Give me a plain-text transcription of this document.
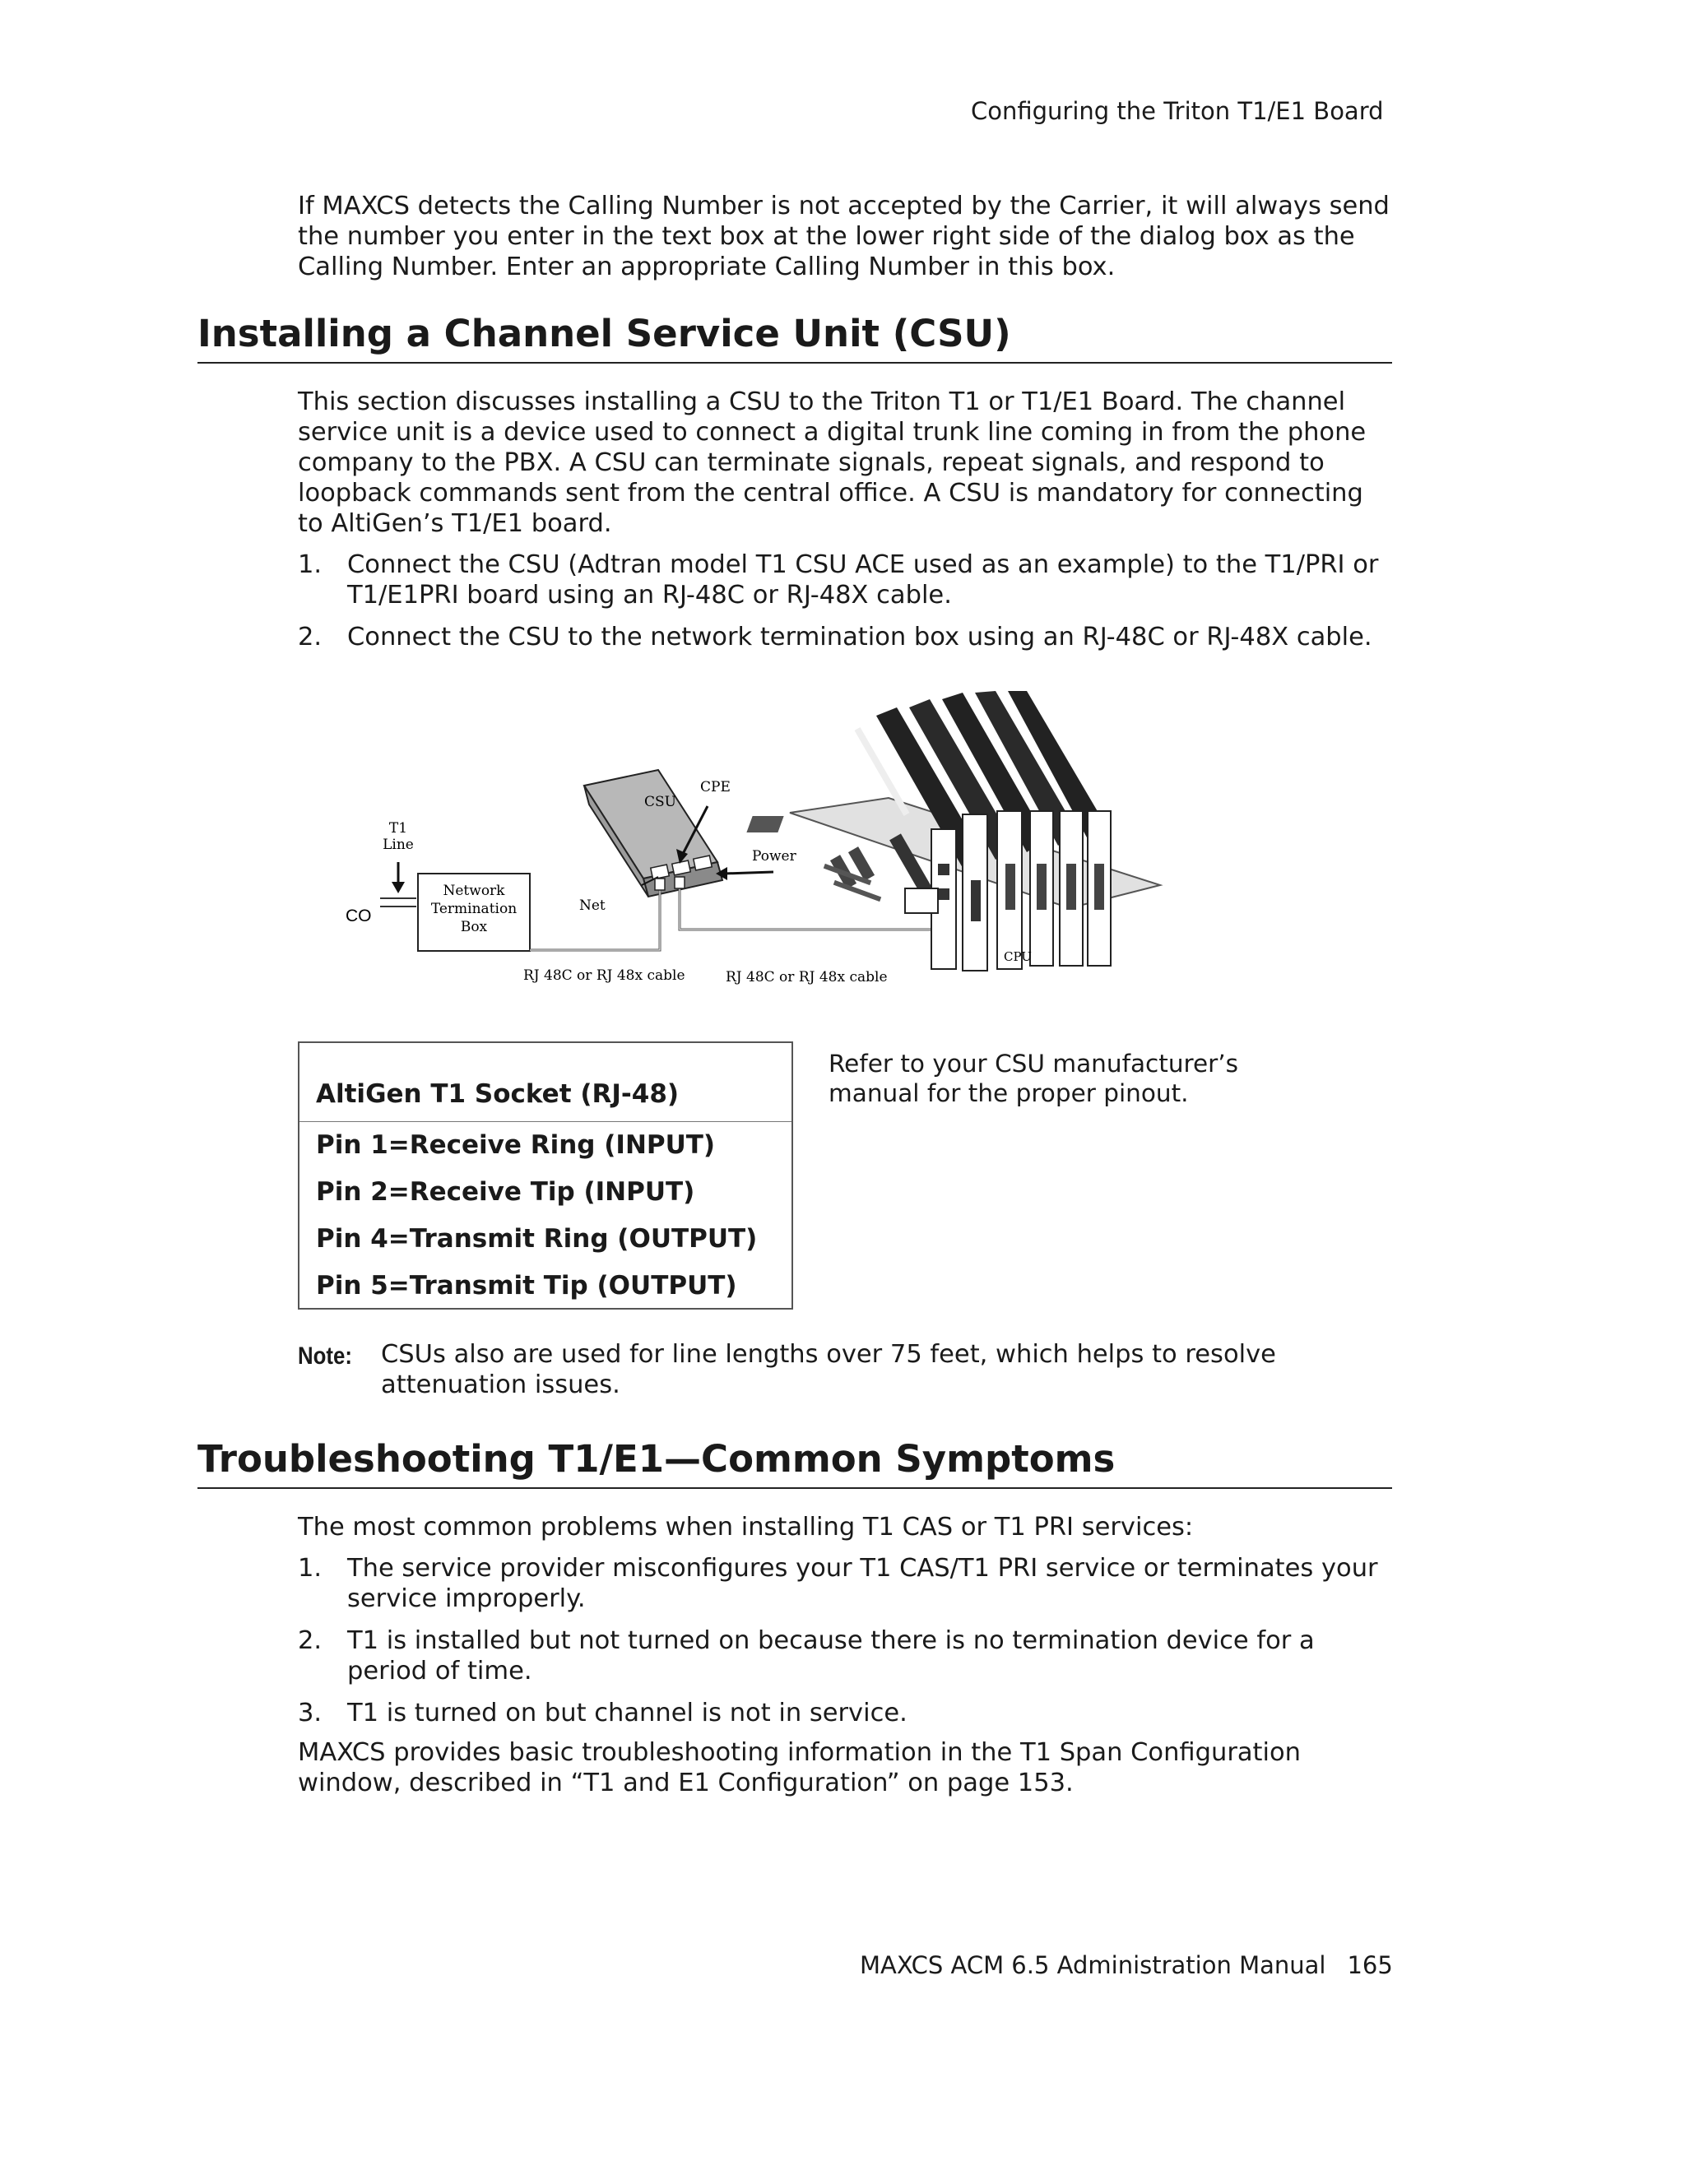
Configuring the Triton T1/E1 Board
If MAXCS detects the Calling Number is not accepted by the Carrier, it will always send the number you enter in the text box at the lower right side of the dialog box as the Calling Number. Enter an appropriate Calling Number in this box.
Installing a Channel Service Unit (CSU)
This section discusses installing a CSU to the Triton T1 or T1/E1 Board. The channel service unit is a device used to connect a digital trunk line coming in from the phone company to the PBX. A CSU can terminate signals, repeat signals, and respond to loopback commands sent from the central office. A CSU is mandatory for connecting to AltiGen’s T1/E1 board.
1. Connect the CSU (Adtran model T1 CSU ACE used as an example) to the T1/PRI or T1/E1PRI board using an RJ-48C or RJ-48X cable.
2. Connect the CSU to the network termination box using an RJ-48C or RJ-48X cable.
T1
Line
CO
Network
Termination
Box
Net
CSU
CPE
Power
CPU
RJ 48C or RJ 48x cable	RJ 48C or RJ 48x cable
AltiGen T1 Socket (RJ-48)
Pin 1=Receive Ring (INPUT)
Pin 2=Receive Tip (INPUT)
Pin 4=Transmit Ring (OUTPUT)
Pin 5=Transmit Tip (OUTPUT)
Refer to your CSU manufacturer’s manual for the proper pinout.
Note: CSUs also are used for line lengths over 75 feet, which helps to resolve attenuation issues.
Troubleshooting T1/E1—Common Symptoms
The most common problems when installing T1 CAS or T1 PRI services:
1. The service provider misconfigures your T1 CAS/T1 PRI service or terminates your service improperly.
2. T1 is installed but not turned on because there is no termination device for a period of time.
3. T1 is turned on but channel is not in service.
MAXCS provides basic troubleshooting information in the T1 Span Configuration window, described in “T1 and E1 Configuration” on page 153.
MAXCS ACM 6.5 Administration Manual 165
